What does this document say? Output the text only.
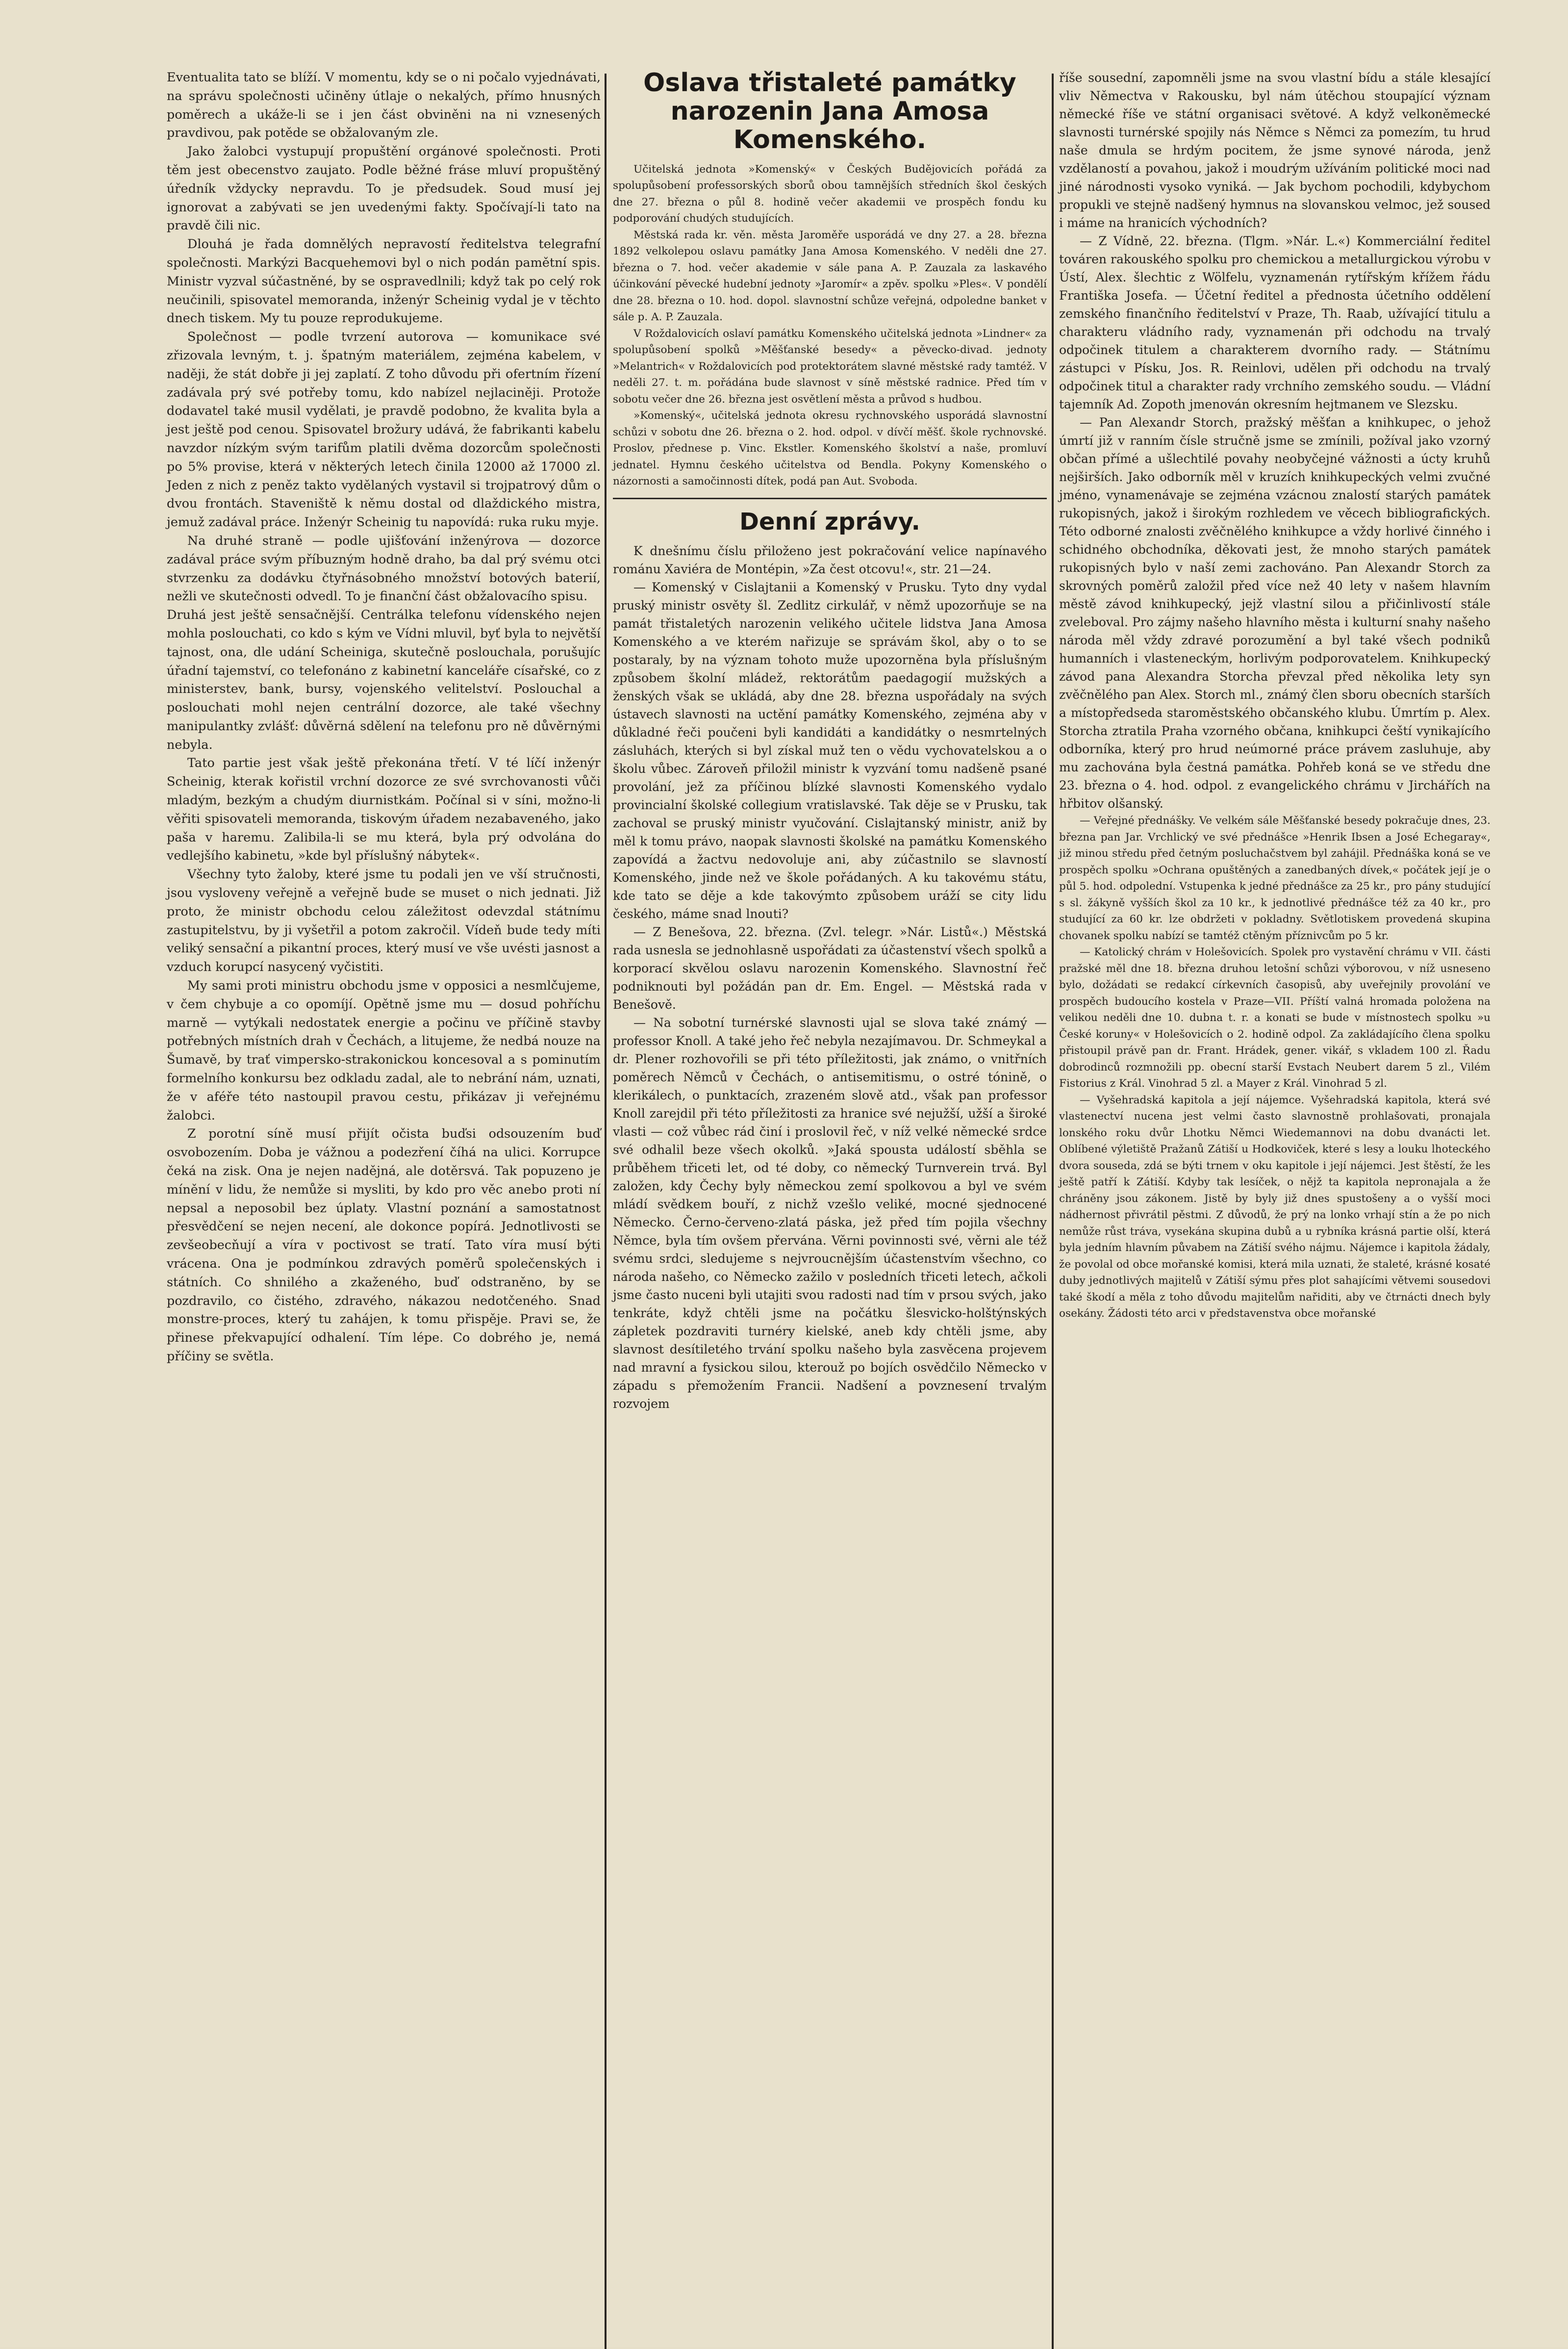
Eventualita tato se blíží. V momentu, kdy se o ni počalo vyjednávati, na správu společnosti učiněny útlaje o nekalých, přímo hnusných poměrech a ukáže-li se i jen část obviněni na ni vznesených pravdivou, pak potěde se obžalovaným zle.

Jako žalobci vystupují propuštění orgánové společnosti. Proti těm jest obecenstvo zaujato. Podle běžné fráse mluví propuštěný úředník vždycky nepravdu. To je předsudek. Soud musí jej ignorovat a zabývati se jen uvedenými fakty. Spočívají-li tato na pravdě čili nic.

Dlouhá je řada domnělých nepravostí ředitelstva telegrafní společnosti. Markýzi Bacquehemovi byl o nich podán pamětní spis. Ministr vyzval súčastněné, by se ospravedlnili; když tak po celý rok neučinili, spisovatel memoranda, inženýr Scheinig vydal je v těchto dnech tiskem. My tu pouze reprodukujeme.

Společnost — podle tvrzení autorova — komunikace své zřizovala levným, t. j. špatným materiálem, zejména kabelem, v naději, že stát dobře ji jej zaplatí. Z toho důvodu při ofertním řízení zadávala prý své potřeby tomu, kdo nabízel nejlaciněji. Protože dodavatel také musil vydělati, je pravdě podobno, že kvalita byla a jest ještě pod cenou. Spisovatel brožury udává, že fabrikanti kabelu navzdor nízkým svým tarifům platili dvěma dozorcům společnosti po 5% provise, která v některých letech činila 12000 až 17000 zl. Jeden z nich z peněz takto vydělaných vystavil si trojpatrový dům o dvou frontách. Staveniště k němu dostal od dlaždického mistra, jemuž zadával práce. Inženýr Scheinig tu napovídá: ruka ruku myje.

Na druhé straně — podle ujišťování inženýrova — dozorce zadával práce svým příbuzným hodně draho, ba dal prý svému otci stvrzenku za dodávku čtyřnásobného množství botových baterií, nežli ve skutečnosti odvedl. To je finanční část obžalovacího spisu.

Druhá jest ještě sensačnější. Centrálka telefonu vídenského nejen mohla poslouchati, co kdo s kým ve Vídni mluvil, byť byla to největší tajnost, ona, dle udání Scheiniga, skutečně poslouchala, porušujíc úřadní tajemství, co telefonáno z kabinetní kanceláře císařské, co z ministerstev, bank, bursy, vojenského velitelství. Poslouchal a poslouchati mohl nejen centrální dozorce, ale také všechny manipulantky zvlášť: důvěrná sdělení na telefonu pro ně důvěrnými nebyla.

Tato partie jest však ještě překonána třetí. V té líčí inženýr Scheinig, kterak kořistil vrchní dozorce ze své svrchovanosti vůči mladým, bezkým a chudým diurnistkám. Počínal si v síni, možno-li věřiti spisovateli memoranda, tiskovým úřadem nezabaveného, jako paša v haremu. Zalibila-li se mu která, byla prý odvolána do vedlejšího kabinetu, »kde byl příslušný nábytek«.

Všechny tyto žaloby, které jsme tu podali jen ve vší stručnosti, jsou vysloveny veřejně a veřejně bude se muset o nich jednati. Již proto, že ministr obchodu celou záležitost odevzdal státnímu zastupitelstvu, by ji vyšetřil a potom zakročil. Vídeň bude tedy míti veliký sensační a pikantní proces, který musí ve vše uvésti jasnost a vzduch korupcí nasycený vyčistiti.

My sami proti ministru obchodu jsme v opposici a nesmlčujeme, v čem chybuje a co opomíjí. Opětně jsme mu — dosud pohříchu marně — vytýkali nedostatek energie a počinu ve příčině stavby potřebných místních drah v Čechách, a litujeme, že nedbá nouze na Šumavě, by trať vimpersko-strakonickou koncesoval a s pominutím formelního konkursu bez odkladu zadal, ale to nebrání nám, uznati, že v aféře této nastoupil pravou cestu, přikázav ji veřejnému žalobci.

Z porotní síně musí přijít očista buďsi odsouzením buď osvobozením. Doba je vážnou a podezření číhá na ulici. Korrupce čeká na zisk. Ona je nejen nadějná, ale dotěrsvá. Tak popuzeno je mínění v lidu, že nemůže si mysliti, by kdo pro věc anebo proti ní nepsal a neposobil bez úplaty. Vlastní poznání a samostatnost přesvědčení se nejen necení, ale dokonce popírá. Jednotlivosti se zevšeobecňují a víra v poctivost se tratí. Tato víra musí býti vrácena. Ona je podmínkou zdravých poměrů společenských i státních. Co shnilého a zkaženého, buď odstraněno, by se pozdravilo, co čistého, zdravého, nákazou nedotčeného. Snad monstre-proces, který tu zahájen, k tomu přispěje. Pravi se, že přinese překvapující odhalení. Tím lépe. Co dobrého je, nemá příčiny se světla.

Oslava třistaleté památky narozenin Jana Amosa Komenského.

Učitelská jednota »Komenský« v Českých Budějovicích pořádá za spolupůsobení professorských sborů obou tamnějších středních škol českých dne 27. března o půl 8. hodině večer akademii ve prospěch fondu ku podporování chudých studujících.

Městská rada kr. věn. města Jaroměře usporádá ve dny 27. a 28. března 1892 velkolepou oslavu památky Jana Amosa Komenského. V neděli dne 27. března o 7. hod. večer akademie v sále pana A. P. Zauzala za laskavého účinkování pěvecké hudební jednoty »Jaromír« a zpěv. spolku »Ples«. V pondělí dne 28. března o 10. hod. dopol. slavnostní schůze veřejná, odpoledne banket v sále p. A. P. Zauzala.

V Roždalovicích oslaví památku Komenského učitelská jednota »Lindner« za spolupůsobení spolků »Měšťanské besedy« a pěvecko-divad. jednoty »Melantrich« v Roždalovicích pod protektorátem slavné městské rady tamtéž. V neděli 27. t. m. pořádána bude slavnost v síně městské radnice. Před tím v sobotu večer dne 26. března jest osvětlení města a průvod s hudbou.

»Komenský«, učitelská jednota okresu rychnovského usporádá slavnostní schůzi v sobotu dne 26. března o 2. hod. odpol. v dívčí měšť. škole rychnovské. Proslov, přednese p. Vinc. Ekstler. Komenského školství a naše, promluví jednatel. Hymnu českého učitelstva od Bendla. Pokyny Komenského o názornosti a samočinnosti dítek, podá pan Aut. Svoboda.

Denní zprávy.

K dnešnímu číslu přiloženo jest pokračování velice napínavého románu Xaviéra de Montépin, »Za čest otcovu!«, str. 21—24.

— Komenský v Cislajtanii a Komenský v Prusku. Tyto dny vydal pruský ministr osvěty šl. Zedlitz cirkulář, v němž upozorňuje se na památ třistaletých narozenin velikého učitele lidstva Jana Amosa Komenského a ve kterém nařizuje se správám škol, aby o to se postaraly, by na význam tohoto muže upozorněna byla příslušným způsobem školní mládež, rektorátům paedagogií mužských a ženských však se ukládá, aby dne 28. března uspořádaly na svých ústavech slavnosti na uctění památky Komenského, zejména aby v důkladné řeči poučeni byli kandidáti a kandidátky o nesmrtelných zásluhách, kterých si byl získal muž ten o vědu vychovatelskou a o školu vůbec. Zároveň přiložil ministr k vyzvání tomu nadšeně psané provolání, jež za příčinou blízké slavnosti Komenského vydalo provincialní školské collegium vratislavské. Tak děje se v Prusku, tak zachoval se pruský ministr vyučování. Cislajtanský ministr, aniž by měl k tomu právo, naopak slavnosti školské na památku Komenského zapovídá a žactvu nedovoluje ani, aby zúčastnilo se slavností Komenského, jinde než ve škole pořádaných. A ku takovému státu, kde tato se děje a kde takovýmto způsobem uráží se city lidu českého, máme snad lnouti?

— Z Benešova, 22. března. (Zvl. telegr. »Nár. Listů«.) Městská rada usnesla se jednohlasně uspořádati za účastenství všech spolků a korporací skvělou oslavu narozenin Komenského. Slavnostní řeč podniknouti byl požádán pan dr. Em. Engel. — Městská rada v Benešově.

— Na sobotní turnérské slavnosti ujal se slova také známý — professor Knoll. A také jeho řeč nebyla nezajímavou. Dr. Schmeykal a dr. Plener rozhovořili se při této příležitosti, jak známo, o vnitřních poměrech Němců v Čechách, o antisemitismu, o ostré tónině, o klerikálech, o punktacích, zrazeném slově atd., však pan professor Knoll zarejdil při této příležitosti za hranice své nejužší, užší a široké vlasti — což vůbec rád činí i proslovil řeč, v níž velké německé srdce své odhalil beze všech okolků. »Jaká spousta událostí sběhla se průběhem třiceti let, od té doby, co německý Turnverein trvá. Byl založen, kdy Čechy byly německou zemí spolkovou a byl ve svém mládí svědkem bouří, z nichž vzešlo veliké, mocné sjednocené Německo. Černo-červeno-zlatá páska, jež před tím pojila všechny Němce, byla tím ovšem přervána. Věrni povinnosti své, věrni ale též svému srdci, sledujeme s nejvroucnějším účastenstvím všechno, co národa našeho, co Německo zažilo v posledních třiceti letech, ačkoli jsme často nuceni byli utajiti svou radosti nad tím v prsou svých, jako tenkráte, když chtěli jsme na počátku šlesvicko-holštýnských zápletek pozdraviti turnéry kielské, aneb kdy chtěli jsme, aby slavnost desítiletého trvání spolku našeho byla zasvěcena projevem nad mravní a fysickou silou, kterouž po bojích osvědčilo Německo v západu s přemožením Francii. Nadšení a povznesení trvalým rozvojem

říše sousední, zapomněli jsme na svou vlastní bídu a stále klesající vliv Němectva v Rakousku, byl nám útěchou stoupající význam německé říše ve státní organisaci světové. A když velkoněmecké slavnosti turnérské spojily nás Němce s Němci za pomezím, tu hrud naše dmula se hrdým pocitem, že jsme synové národa, jenž vzdělaností a povahou, jakož i moudrým užíváním politické moci nad jiné národnosti vysoko vyniká. — Jak bychom pochodili, kdybychom propukli ve stejně nadšený hymnus na slovanskou velmoc, jež soused i máme na hranicích východních?

— Z Vídně, 22. března. (Tlgm. »Nár. L.«) Kommerciální ředitel továren rakouského spolku pro chemickou a metallurgickou výrobu v Ústí, Alex. šlechtic z Wölfelu, vyznamenán rytířským křížem řádu Františka Josefa. — Účetní ředitel a přednosta účetního oddělení zemského finančního ředitelství v Praze, Th. Raab, užívající titulu a charakteru vládního rady, vyznamenán při odchodu na trvalý odpočinek titulem a charakterem dvorního rady. — Státnímu zástupci v Písku, Jos. R. Reinlovi, udělen při odchodu na trvalý odpočinek titul a charakter rady vrchního zemského soudu. — Vládní tajemník Ad. Zopoth jmenován okresním hejtmanem ve Slezsku.

— Pan Alexandr Storch, pražský měšťan a knihkupec, o jehož úmrtí již v ranním čísle stručně jsme se zmínili, požíval jako vzorný občan přímé a ušlechtilé povahy neobyčejné vážnosti a úcty kruhů nejširších. Jako odborník měl v kruzích knihkupeckých velmi zvučné jméno, vynamenávaje se zejména vzácnou znalostí starých památek rukopisných, jakož i širokým rozhledem ve věcech bibliografických. Této odborné znalosti zvěčnělého knihkupce a vždy horlivé činného i schidného obchodníka, děkovati jest, že mnoho starých památek rukopisných bylo v naší zemi zachováno. Pan Alexandr Storch za skrovných poměrů založil před více než 40 lety v našem hlavním městě závod knihkupecký, jejž vlastní silou a přičinlivostí stále zveleboval. Pro zájmy našeho hlavního města i kulturní snahy našeho národa měl vždy zdravé porozumění a byl také všech podniků humanních i vlasteneckým, horlivým podporovatelem. Knihkupecký závod pana Alexandra Storcha převzal před několika lety syn zvěčnělého pan Alex. Storch ml., známý člen sboru obecních starších a místopředseda staroměstského občanského klubu. Úmrtím p. Alex. Storcha ztratila Praha vzorného občana, knihkupci čeští vynikajícího odborníka, který pro hrud neúmorné práce právem zasluhuje, aby mu zachována byla čestná památka. Pohřeb koná se ve středu dne 23. března o 4. hod. odpol. z evangelického chrámu v Jirchářích na hřbitov olšanský.

— Veřejné přednášky. Ve velkém sále Měšťanské besedy pokračuje dnes, 23. března pan Jar. Vrchlický ve své přednášce »Henrik Ibsen a José Echegaray«, již minou středu před četným posluchačstvem byl zahájil. Přednáška koná se ve prospěch spolku »Ochrana opuštěných a zanedbaných dívek,« počátek její je o půl 5. hod. odpolední. Vstupenka k jedné přednášce za 25 kr., pro pány studující s sl. žákyně vyšších škol za 10 kr., k jednotlivé přednášce též za 40 kr., pro studující za 60 kr. lze obdržeti v pokladny. Světlotiskem provedená skupina chovanek spolku nabízí se tamtéž ctěným příznivcům po 5 kr.

— Katolický chrám v Holešovicích. Spolek pro vystavění chrámu v VII. části pražské měl dne 18. března druhou letošní schůzi výborovou, v níž usneseno bylo, dožádati se redakcí církevních časopisů, aby uveřejnily provolání ve prospěch budoucího kostela v Praze—VII. Příští valná hromada položena na velikou neděli dne 10. dubna t. r. a konati se bude v místnostech spolku »u České koruny« v Holešovicích o 2. hodině odpol. Za zakládajícího člena spolku přistoupil právě pan dr. Frant. Hrádek, gener. vikář, s vkladem 100 zl. Řadu dobrodinců rozmnožili pp. obecní starší Evstach Neubert darem 5 zl., Vilém Fistorius z Král. Vinohrad 5 zl. a Mayer z Král. Vinohrad 5 zl.

— Vyšehradská kapitola a její nájemce. Vyšehradská kapitola, která své vlastenectví nucena jest velmi často slavnostně prohlašovati, pronajala lonského roku dvůr Lhotku Němci Wiedemannovi na dobu dvanácti let. Oblíbené výletiště Pražanů Zátiší u Hodkoviček, které s lesy a louku lhoteckého dvora souseda, zdá se býti trnem v oku kapitole i její nájemci. Jest štěstí, že les ještě patří k Zátiší. Kdyby tak lesíček, o nějž ta kapitola nepronajala a že chráněny jsou zákonem. Jistě by byly již dnes spustošeny a o vyšší moci nádhernost přivrátil pěstmi. Z důvodů, že prý na lonko vrhají stín a že po nich nemůže růst tráva, vysekána skupina dubů a u rybníka krásná partie olší, která byla jedním hlavním půvabem na Zátiší svého nájmu. Nájemce i kapitola žádaly, že povolal od obce mořanské komisi, která mila uznati, že staleté, krásné kosaté duby jednotlivých majitelů v Zátiší sýmu přes plot sahajícími větvemi sousedovi také škodí a měla z toho důvodu majitelům nařiditi, aby ve čtrnácti dnech byly osekány. Žádosti této arci v představenstva obce mořanské
